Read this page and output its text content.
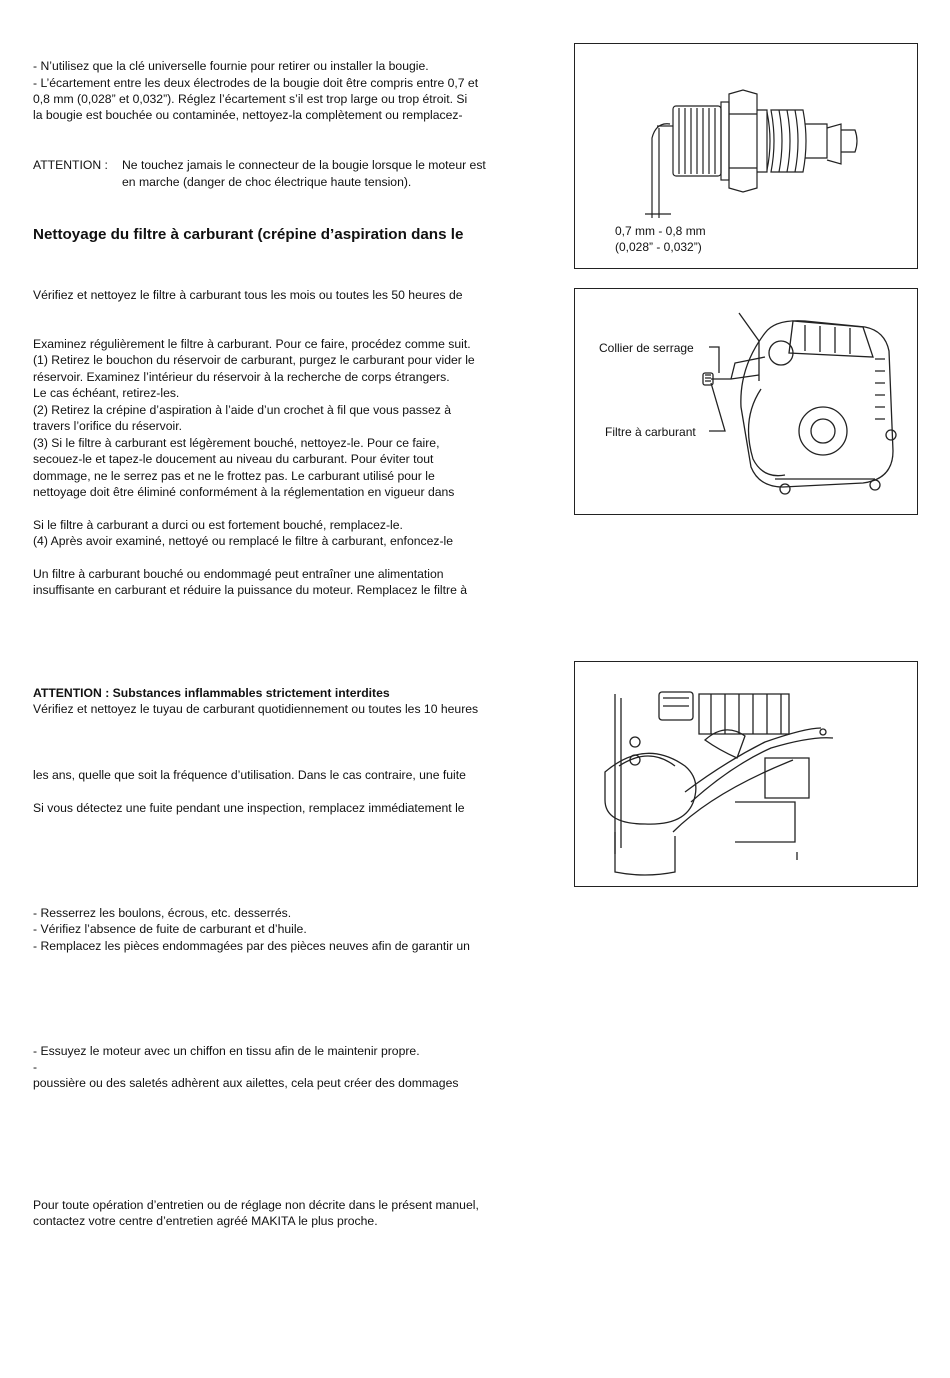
- N’utilisez que la clé universelle fournie pour retirer ou installer la bougie.
- L’écartement entre les deux électrodes de la bougie doit être compris entre 0,7 et
0,8 mm (0,028” et 0,032”). Réglez l’écartement s’il est trop large ou trop étroit. Si
la bougie est bouchée ou contaminée, nettoyez-la complètement ou remplacez-
ATTENTION : Ne touchez jamais le connecteur de la bougie lorsque le moteur est
en marche (danger de choc électrique haute tension).
Nettoyage du filtre à carburant (crépine d’aspiration dans le
Vérifiez et nettoyez le filtre à carburant tous les mois ou toutes les 50 heures de
Examinez régulièrement le filtre à carburant. Pour ce faire, procédez comme suit.
(1) Retirez le bouchon du réservoir de carburant, purgez le carburant pour vider le
réservoir. Examinez l’intérieur du réservoir à la recherche de corps étrangers.
Le cas échéant, retirez-les.
(2) Retirez la crépine d’aspiration à l’aide d’un crochet à fil que vous passez à
travers l’orifice du réservoir.
(3) Si le filtre à carburant est légèrement bouché, nettoyez-le. Pour ce faire,
secouez-le et tapez-le doucement au niveau du carburant. Pour éviter tout
dommage, ne le serrez pas et ne le frottez pas. Le carburant utilisé pour le
nettoyage doit être éliminé conformément à la réglementation en vigueur dans
Si le filtre à carburant a durci ou est fortement bouché, remplacez-le.
(4) Après avoir examiné, nettoyé ou remplacé le filtre à carburant, enfoncez-le
Un filtre à carburant bouché ou endommagé peut entraîner une alimentation
insuffisante en carburant et réduire la puissance du moteur. Remplacez le filtre à
ATTENTION : Substances inflammables strictement interdites
Vérifiez et nettoyez le tuyau de carburant quotidiennement ou toutes les 10 heures
les ans, quelle que soit la fréquence d’utilisation. Dans le cas contraire, une fuite
Si vous détectez une fuite pendant une inspection, remplacez immédiatement le
- Resserrez les boulons, écrous, etc. desserrés.
- Vérifiez l’absence de fuite de carburant et d’huile.
- Remplacez les pièces endommagées par des pièces neuves afin de garantir un
- Essuyez le moteur avec un chiffon en tissu afin de le maintenir propre.
-
poussière ou des saletés adhèrent aux ailettes, cela peut créer des dommages
Pour toute opération d’entretien ou de réglage non décrite dans le présent manuel,
contactez votre centre d’entretien agréé MAKITA le plus proche.
0,7 mm - 0,8 mm
(0,028” - 0,032”)
Collier de serrage
Filtre à carburant
